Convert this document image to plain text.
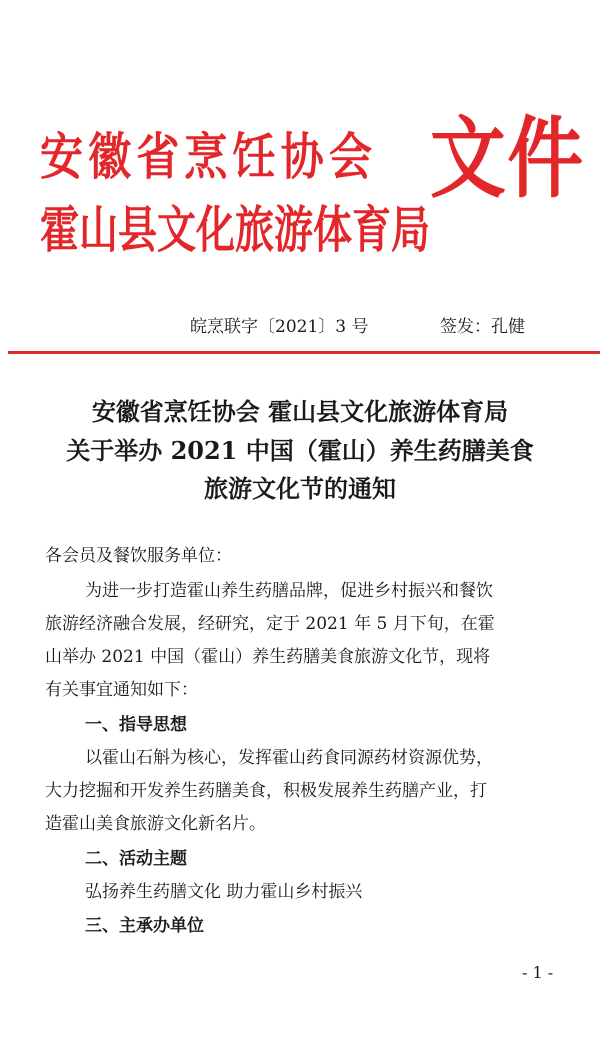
安徽省烹饪协会
霍山县文化旅游体育局
文件
皖烹联字〔2021〕3 号	签发：孔健
安徽省烹饪协会 霍山县文化旅游体育局
关于举办 2021 中国（霍山）养生药膳美食
旅游文化节的通知
各会员及餐饮服务单位：
为进一步打造霍山养生药膳品牌，促进乡村振兴和餐饮
旅游经济融合发展，经研究，定于 2021 年 5 月下旬，在霍
山举办 2021 中国（霍山）养生药膳美食旅游文化节，现将
有关事宜通知如下：
一、指导思想
以霍山石斛为核心，发挥霍山药食同源药材资源优势，
大力挖掘和开发养生药膳美食，积极发展养生药膳产业，打
造霍山美食旅游文化新名片。
二、活动主题
弘扬养生药膳文化 助力霍山乡村振兴
三、主承办单位
- 1 -
